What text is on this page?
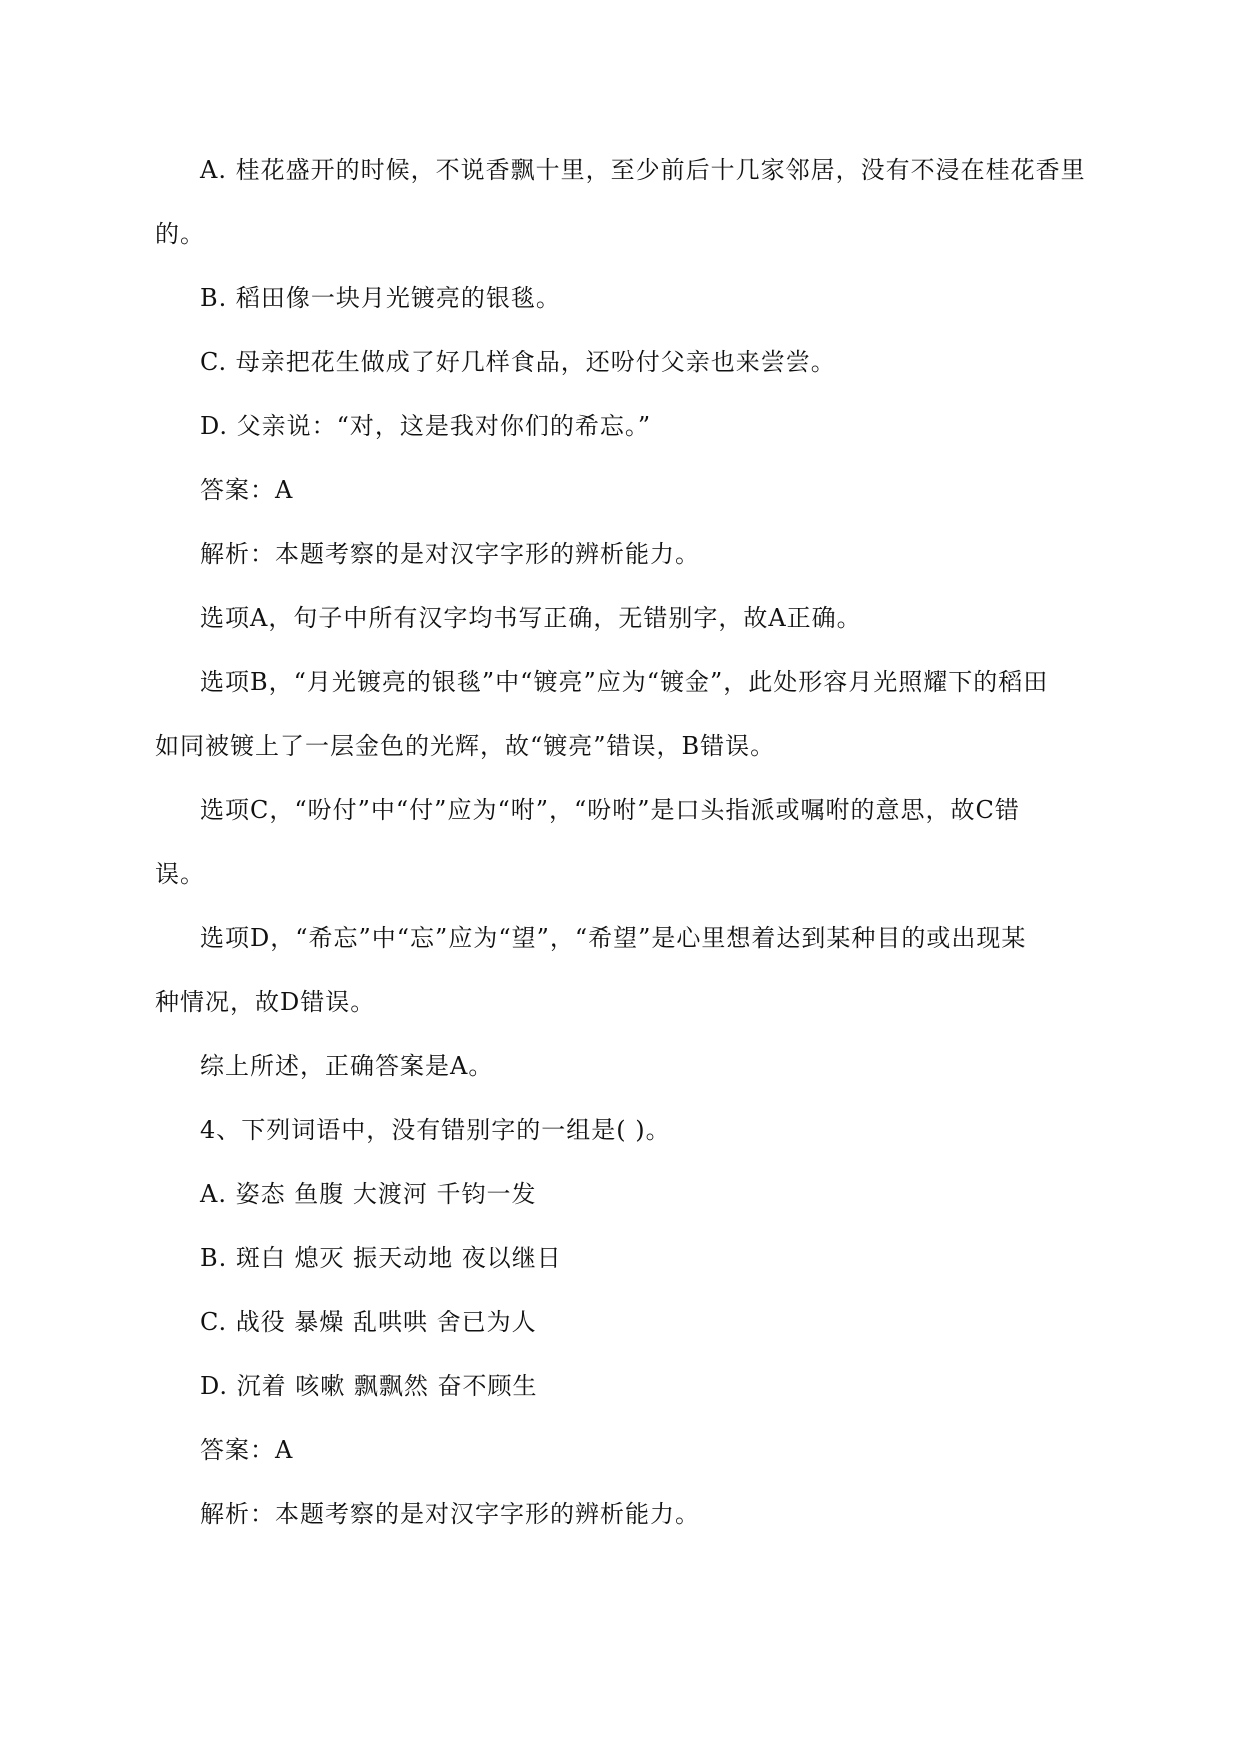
A. 桂花盛开的时候，不说香飘十里，至少前后十几家邻居，没有不浸在桂花香里
的。
B. 稻田像一块月光镀亮的银毯。
C. 母亲把花生做成了好几样食品，还吩付父亲也来尝尝。
D. 父亲说：“对，这是我对你们的希忘。”
答案：A
解析：本题考察的是对汉字字形的辨析能力。
选项A，句子中所有汉字均书写正确，无错别字，故A正确。
选项B，“月光镀亮的银毯”中“镀亮”应为“镀金”，此处形容月光照耀下的稻田
如同被镀上了一层金色的光辉，故“镀亮”错误，B错误。
选项C，“吩付”中“付”应为“咐”，“吩咐”是口头指派或嘱咐的意思，故C错
误。
选项D，“希忘”中“忘”应为“望”，“希望”是心里想着达到某种目的或出现某
种情况，故D错误。
综上所述，正确答案是A。
4、下列词语中，没有错别字的一组是( )。
A. 姿态 鱼腹 大渡河 千钧一发
B. 斑白 熄灭 振天动地 夜以继日
C. 战役 暴燥 乱哄哄 舍已为人
D. 沉着 咳嗽 飘飘然 奋不顾生
答案：A
解析：本题考察的是对汉字字形的辨析能力。
